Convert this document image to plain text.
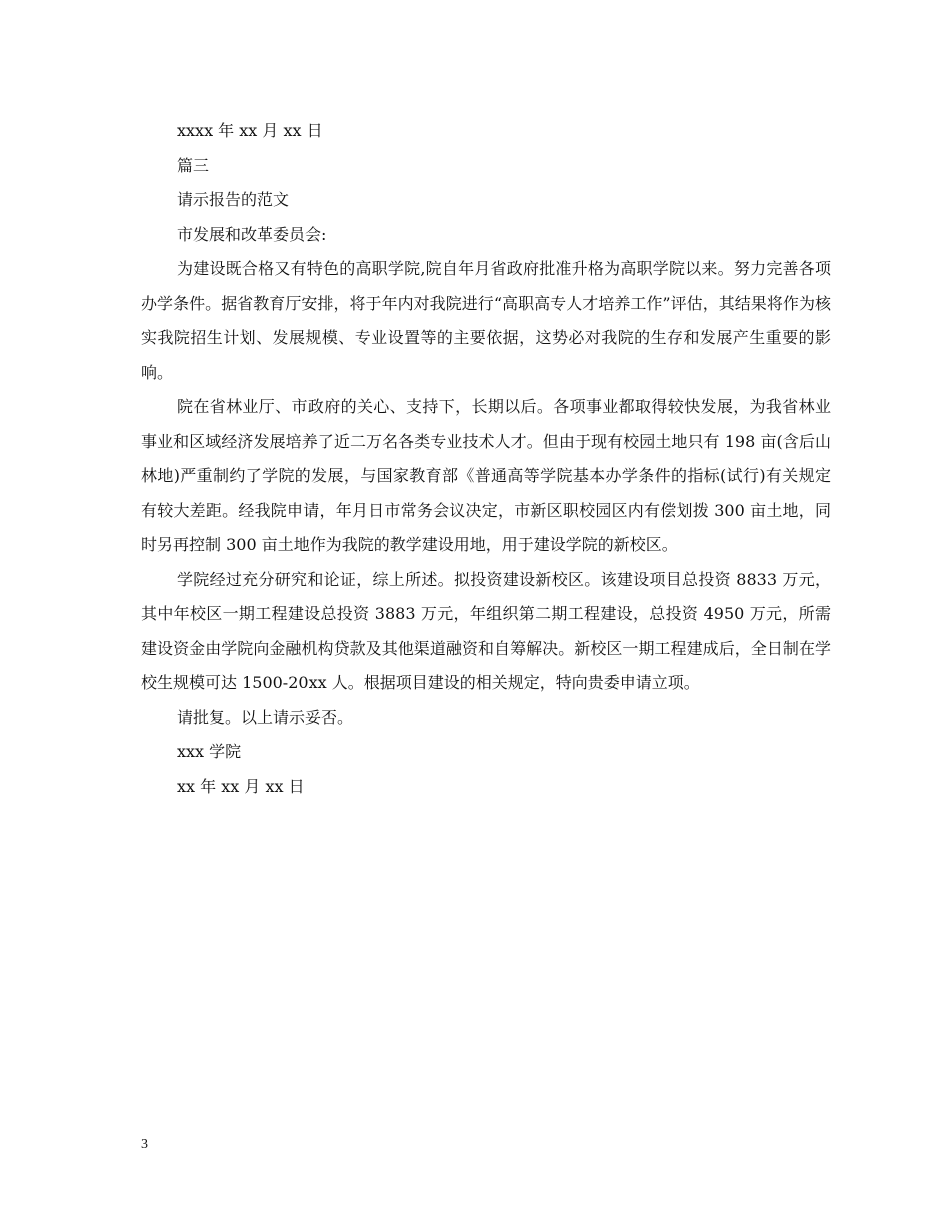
xxxx 年 xx 月 xx 日

篇三

请示报告的范文

市发展和改革委员会:

为建设既合格又有特色的高职学院,院自年月省政府批准升格为高职学院以来。努力完善各项办学条件。据省教育厅安排，将于年内对我院进行“高职高专人才培养工作”评估，其结果将作为核实我院招生计划、发展规模、专业设置等的主要依据，这势必对我院的生存和发展产生重要的影响。

院在省林业厅、市政府的关心、支持下，长期以后。各项事业都取得较快发展，为我省林业事业和区域经济发展培养了近二万名各类专业技术人才。但由于现有校园土地只有 198 亩(含后山林地)严重制约了学院的发展，与国家教育部《普通高等学院基本办学条件的指标(试行)有关规定有较大差距。经我院申请，年月日市常务会议决定，市新区职校园区内有偿划拨 300 亩土地，同时另再控制 300 亩土地作为我院的教学建设用地，用于建设学院的新校区。

学院经过充分研究和论证，综上所述。拟投资建设新校区。该建设项目总投资 8833 万元，其中年校区一期工程建设总投资 3883 万元，年组织第二期工程建设，总投资 4950 万元，所需建设资金由学院向金融机构贷款及其他渠道融资和自筹解决。新校区一期工程建成后，全日制在学校生规模可达 1500-20xx 人。根据项目建设的相关规定，特向贵委申请立项。

请批复。以上请示妥否。

xxx 学院

xx 年 xx 月 xx 日

3
